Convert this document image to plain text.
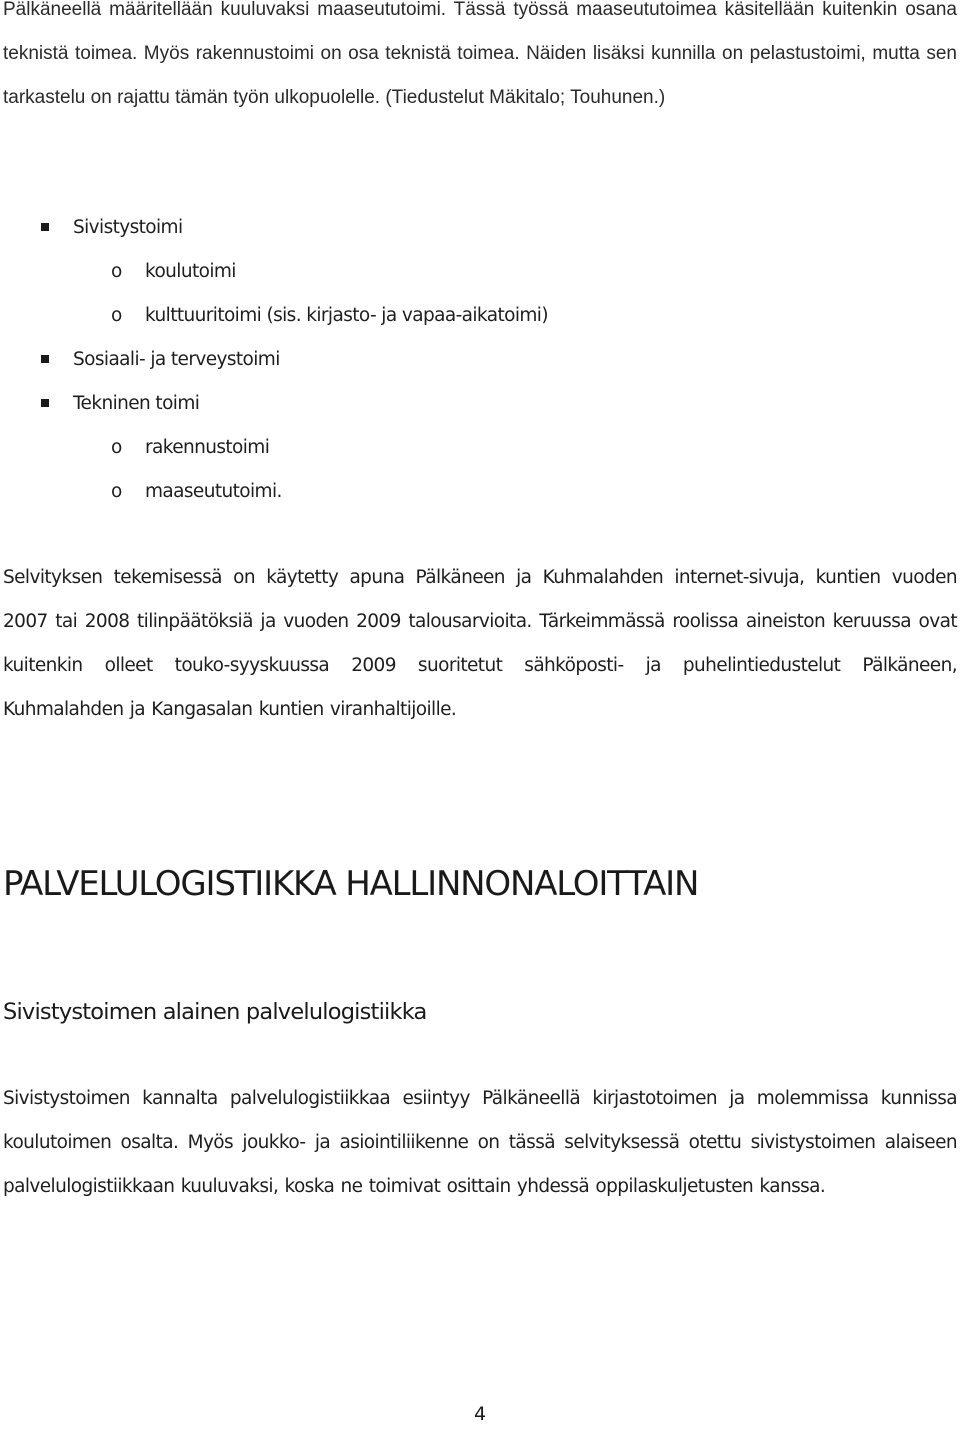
Pälkäneellä määritellään kuuluvaksi maaseututoimi. Tässä työssä maaseututoimea käsitellään kuitenkin osana teknistä toimea. Myös rakennustoimi on osa teknistä toimea. Näiden lisäksi kunnilla on pelastustoimi, mutta sen tarkastelu on rajattu tämän työn ulkopuolelle. (Tiedustelut Mäkitalo; Touhunen.)

Sivistystoimi
o koulutoimi
o kulttuuritoimi (sis. kirjasto- ja vapaa-aikatoimi)
Sosiaali- ja terveystoimi
Tekninen toimi
o rakennustoimi
o maaseututoimi.

Selvityksen tekemisessä on käytetty apuna Pälkäneen ja Kuhmalahden internet-sivuja, kuntien vuoden 2007 tai 2008 tilinpäätöksiä ja vuoden 2009 talousarvioita. Tärkeimmässä roolissa aineiston keruussa ovat kuitenkin olleet touko-syyskuussa 2009 suoritetut sähköposti- ja puhelintiedustelut Pälkäneen, Kuhmalahden ja Kangasalan kuntien viranhaltijoille.

PALVELULOGISTIIKKA HALLINNONALOITTAIN
Sivistystoimen alainen palvelulogistiikka

Sivistystoimen kannalta palvelulogistiikkaa esiintyy Pälkäneellä kirjastotoimen ja molemmissa kunnissa koulutoimen osalta. Myös joukko- ja asiointiliikenne on tässä selvityksessä otettu sivistystoimen alaiseen palvelulogistiikkaan kuuluvaksi, koska ne toimivat osittain yhdessä oppilaskuljetusten kanssa.

4
